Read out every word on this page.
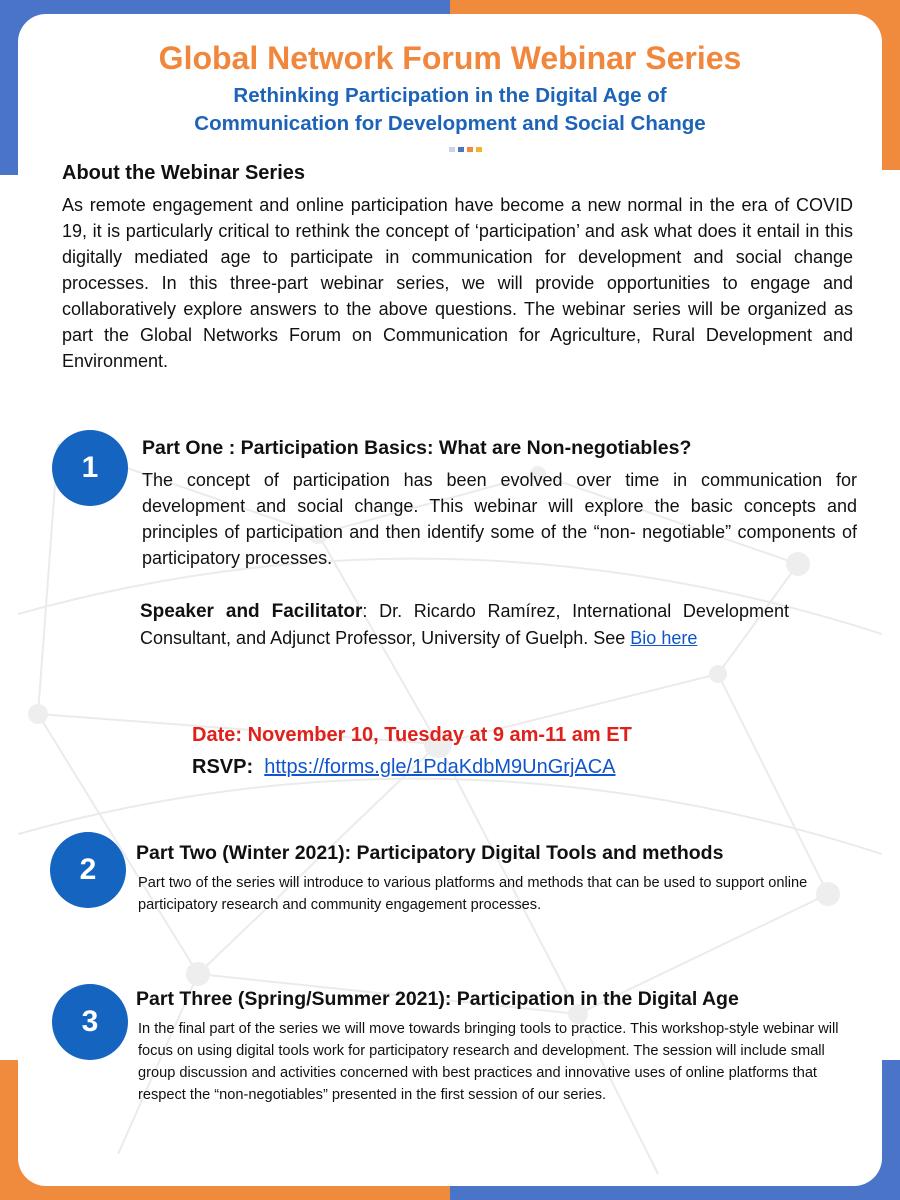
Global Network Forum Webinar Series
Rethinking Participation in the Digital Age of
Communication for Development and Social Change
About the Webinar Series
As remote engagement and online participation have become a new normal in the era of COVID 19, it is particularly critical to rethink the concept of ‘participation’ and ask what does it entail in this digitally mediated age to participate in communication for development and social change processes. In this three-part webinar series, we will provide opportunities to engage and collaboratively explore answers to the above questions. The webinar series will be organized as part the Global Networks Forum on Communication for Agriculture, Rural Development and Environment.
1
Part One : Participation Basics: What are Non-negotiables?
The concept of participation has been evolved over time in communication for development and social change. This webinar will explore the basic concepts and principles of participation and then identify some of the “non- negotiable” components of participatory processes.
Speaker and Facilitator: Dr. Ricardo Ramírez, International Development Consultant, and Adjunct Professor, University of Guelph. See Bio here
Date: November 10, Tuesday at 9 am-11 am ET
RSVP: https://forms.gle/1PdaKdbM9UnGrjACA
2	Part Two (Winter 2021): Participatory Digital Tools and methods
Part two of the series will introduce to various platforms and methods that can be used to support online participatory research and community engagement processes.
3
Part Three (Spring/Summer 2021): Participation in the Digital Age
In the final part of the series we will move towards bringing tools to practice. This workshop-style webinar will focus on using digital tools work for participatory research and development. The session will include small group discussion and activities concerned with best practices and innovative uses of online platforms that respect the “non-negotiables” presented in the first session of our series.
